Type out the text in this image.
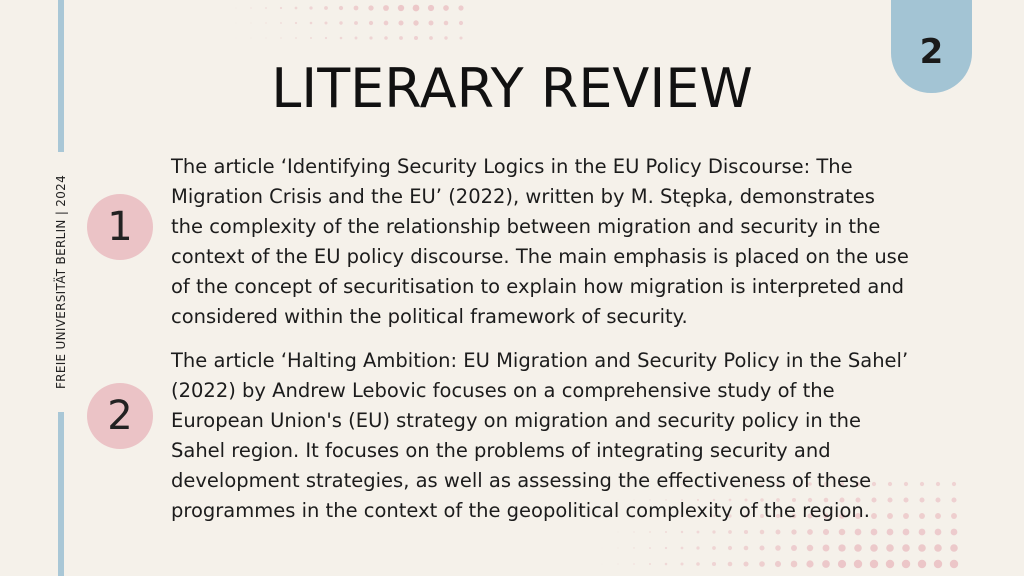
FREIE UNIVERSITÄT BERLIN | 2024
2
LITERARY REVIEW
1

The article ‘Identifying Security Logics in the EU Policy Discourse: The Migration Crisis and the EU’ (2022), written by M. Stępka, demonstrates the complexity of the relationship between migration and security in the context of the EU policy discourse. The main emphasis is placed on the use of the concept of securitisation to explain how migration is interpreted and considered within the political framework of security.

2

The article ‘Halting Ambition: EU Migration and Security Policy in the Sahel’ (2022) by Andrew Lebovic focuses on a comprehensive study of the European Union's (EU) strategy on migration and security policy in the Sahel region. It focuses on the problems of integrating security and development strategies, as well as assessing the effectiveness of these programmes in the context of the geopolitical complexity of the region.
